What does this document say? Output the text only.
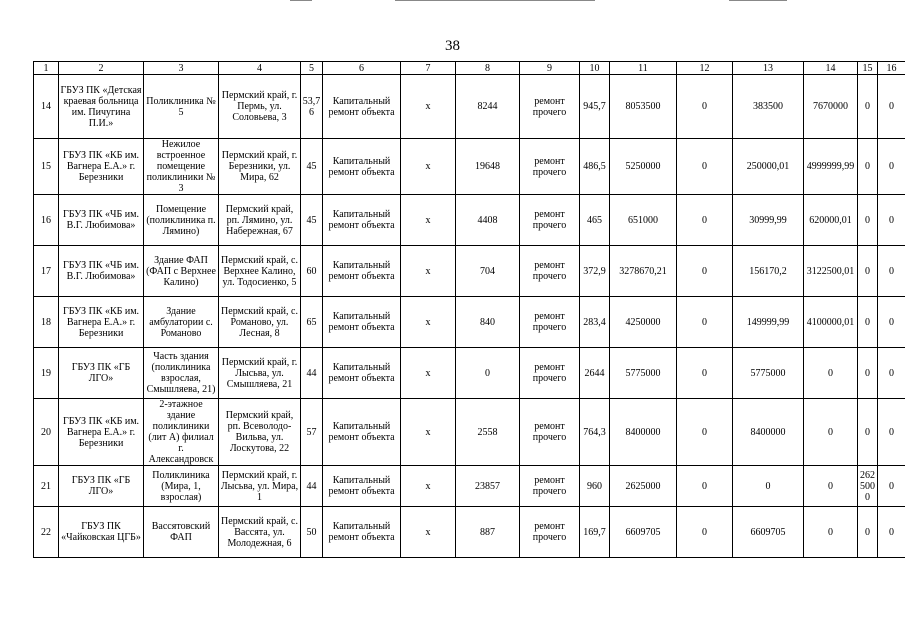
38
1	2	3	4	5	6	7	8	9	10	11	12	13	14	15	16
14	ГБУЗ ПК «Детская краевая больница им. Пичугина П.И.»	Поликлиника № 5	Пермский край, г. Пермь, ул. Соловьева, 3	53,76	Капитальный ремонт объекта	х	8244	ремонт прочего	945,7	8053500	0	383500	7670000	0	0
15	ГБУЗ ПК «КБ им. Вагнера Е.А.» г. Березники	Нежилое встроенное помещение поликлиники № 3	Пермский край, г. Березники, ул. Мира, 62	45	Капитальный ремонт объекта	х	19648	ремонт прочего	486,5	5250000	0	250000,01	4999999,99	0	0
16	ГБУЗ ПК «ЧБ им. В.Г. Любимова»	Помещение (поликлиника п. Лямино)	Пермский край, рп. Лямино, ул. Набережная, 67	45	Капитальный ремонт объекта	х	4408	ремонт прочего	465	651000	0	30999,99	620000,01	0	0
17	ГБУЗ ПК «ЧБ им. В.Г. Любимова»	Здание ФАП (ФАП с Верхнее Калино)	Пермский край, с. Верхнее Калино, ул. Тодосиенко, 5	60	Капитальный ремонт объекта	х	704	ремонт прочего	372,9	3278670,21	0	156170,2	3122500,01	0	0
18	ГБУЗ ПК «КБ им. Вагнера Е.А.» г. Березники	Здание амбулатории с. Романово	Пермский край, с. Романово, ул. Лесная, 8	65	Капитальный ремонт объекта	х	840	ремонт прочего	283,4	4250000	0	149999,99	4100000,01	0	0
19	ГБУЗ ПК «ГБ ЛГО»	Часть здания (поликлиника взрослая, Смышляева, 21)	Пермский край, г. Лысьва, ул. Смышляева, 21	44	Капитальный ремонт объекта	х	0	ремонт прочего	2644	5775000	0	5775000	0	0	0
20	ГБУЗ ПК «КБ им. Вагнера Е.А.» г. Березники	2-этажное здание поликлиники (лит А) филиал г. Александровск	Пермский край, рп. Всеволодо-Вильва, ул. Лоскутова, 22	57	Капитальный ремонт объекта	х	2558	ремонт прочего	764,3	8400000	0	8400000	0	0	0
21	ГБУЗ ПК «ГБ ЛГО»	Поликлиника (Мира, 1, взрослая)	Пермский край, г. Лысьва, ул. Мира, 1	44	Капитальный ремонт объекта	х	23857	ремонт прочего	960	2625000	0	0	0	2625000	0
22	ГБУЗ ПК «Чайковская ЦГБ»	Вассятовский ФАП	Пермский край, с. Вассята, ул. Молодежная, 6	50	Капитальный ремонт объекта	х	887	ремонт прочего	169,7	6609705	0	6609705	0	0	0
